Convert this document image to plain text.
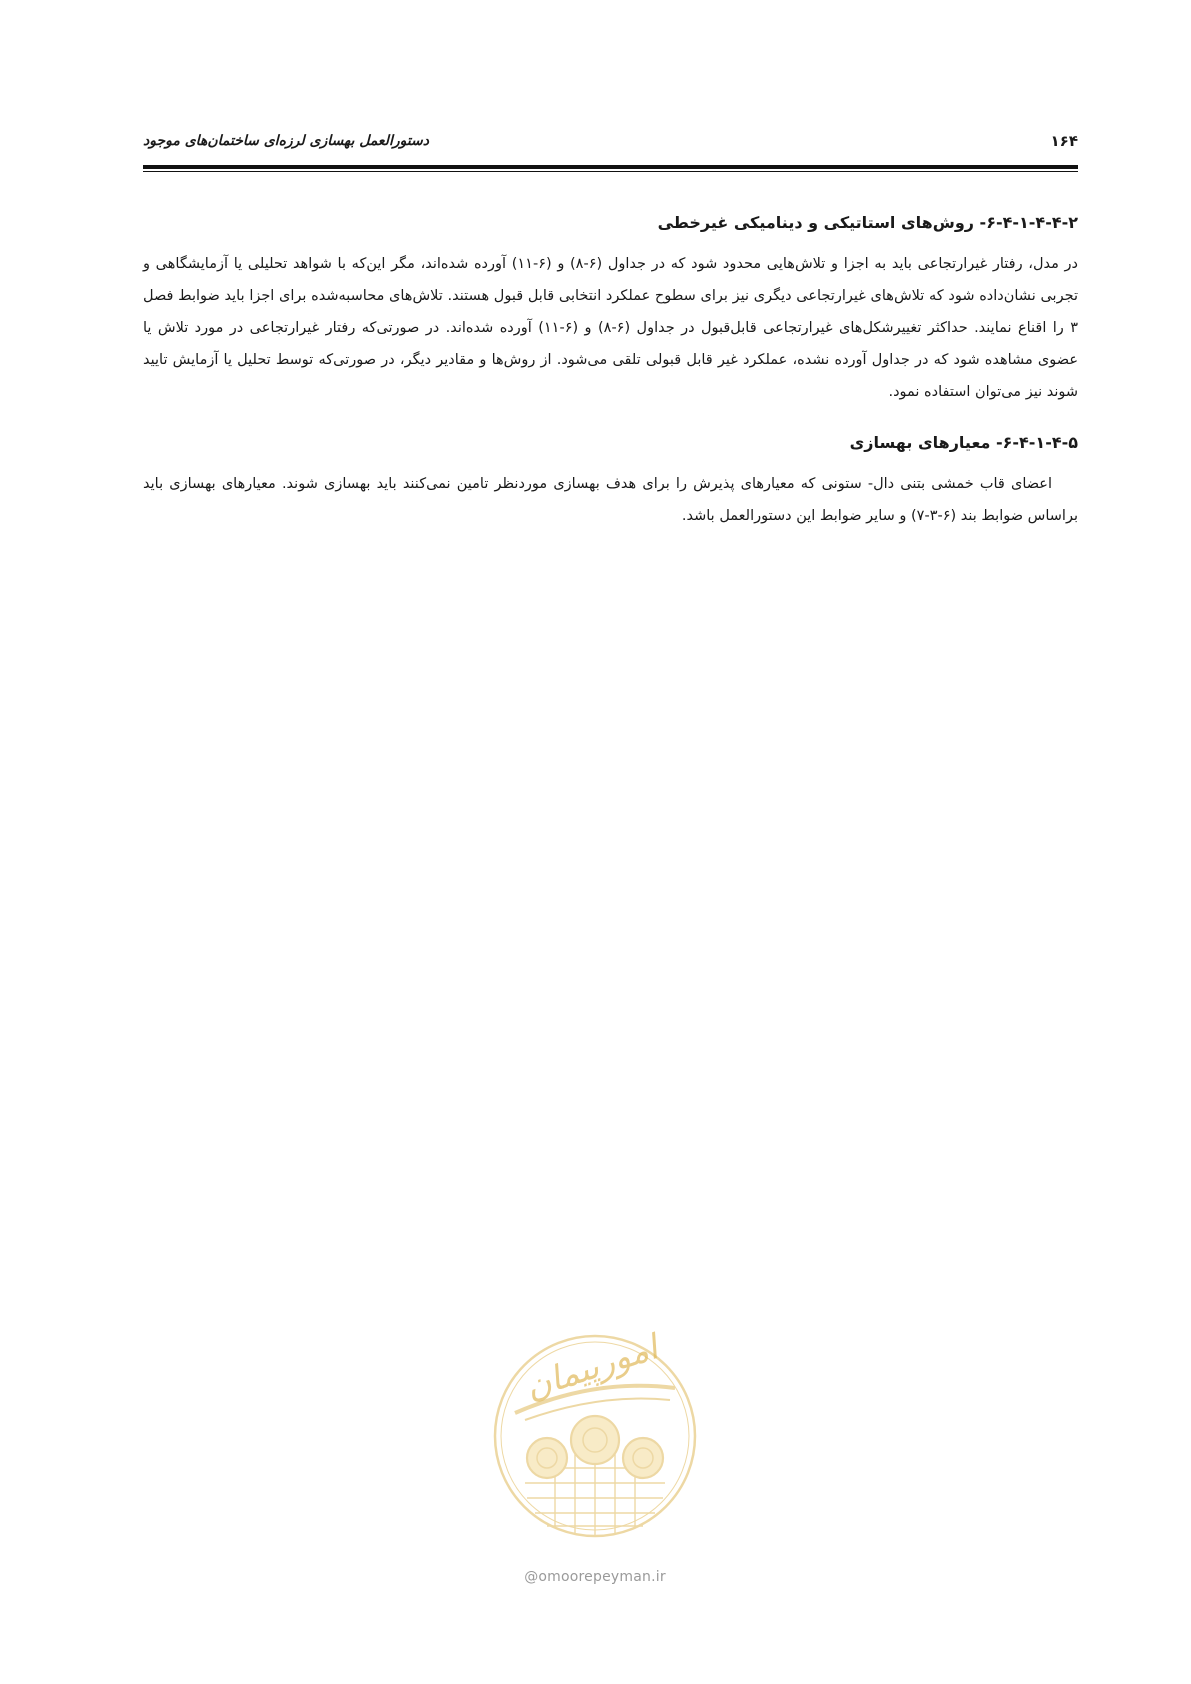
دستورالعمل بهسازی لرزه‌ای ساختمان‌های موجود	۱۶۴
۶-۴-۱-۴-۴-۲- روش‌های استاتیکی و دینامیکی غیرخطی

در مدل، رفتار غیرارتجاعی باید به اجزا و تلاش‌هایی محدود شود که در جداول (۶-۸) و (۶-۱۱) آورده شده‌اند، مگر این‌که با شواهد تحلیلی یا آزمایشگاهی و تجربی نشان‌داده شود که تلاش‌های غیرارتجاعی دیگری نیز برای سطوح عملکرد انتخابی قابل قبول هستند. تلاش‌های محاسبه‌شده برای اجزا باید ضوابط فصل ۳ را اقناع نمایند. حداکثر تغییرشکل‌های غیرارتجاعی قابل‌قبول در جداول (۶-۸) و (۶-۱۱) آورده شده‌اند. در صورتی‌که رفتار غیرارتجاعی در مورد تلاش یا عضوی مشاهده شود که در جداول آورده نشده، عملکرد غیر قابل قبولی تلقی می‌شود. از روش‌ها و مقادیر دیگر، در صورتی‌که توسط تحلیل یا آزمایش تایید شوند نیز می‌توان استفاده نمود.

۶-۴-۱-۴-۵- معیارهای بهسازی

اعضای قاب خمشی بتنی دال- ستونی که معیارهای پذیرش را برای هدف بهسازی موردنظر تامین نمی‌کنند باید بهسازی شوند. معیارهای بهسازی باید براساس ضوابط بند (۶-۳-۷) و سایر ضوابط این دستورالعمل باشد.

امورپیمان
@omoorepeyman.ir
